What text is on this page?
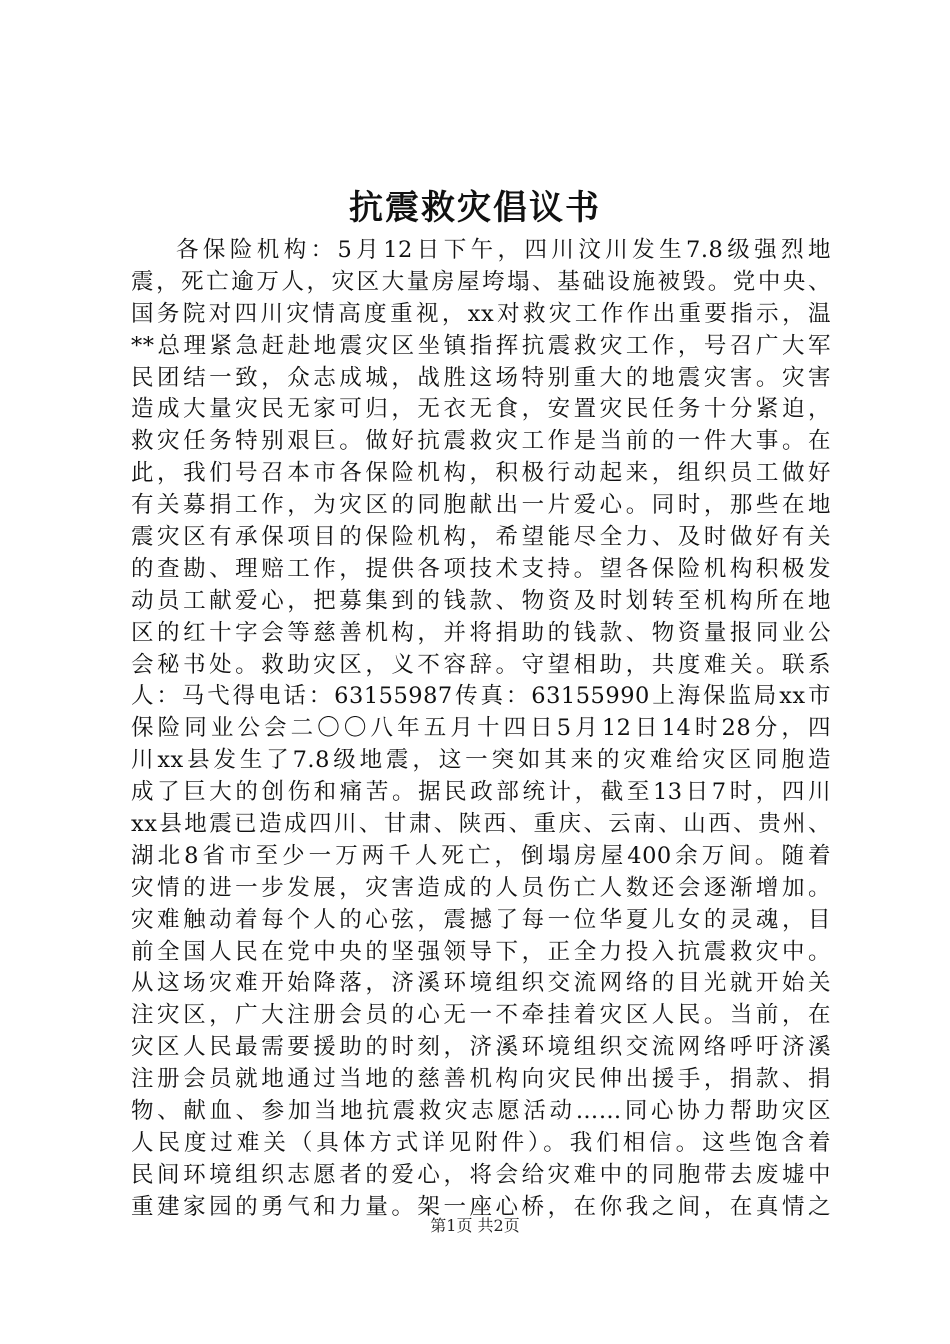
抗震救灾倡议书
各保险机构：5月12日下午，四川汶川发生7.8级强烈地
震，死亡逾万人，灾区大量房屋垮塌、基础设施被毁。党中央、
国务院对四川灾情高度重视，xx对救灾工作作出重要指示，温
**总理紧急赶赴地震灾区坐镇指挥抗震救灾工作，号召广大军
民团结一致，众志成城，战胜这场特别重大的地震灾害。灾害
造成大量灾民无家可归，无衣无食，安置灾民任务十分紧迫，
救灾任务特别艰巨。做好抗震救灾工作是当前的一件大事。在
此，我们号召本市各保险机构，积极行动起来，组织员工做好
有关募捐工作，为灾区的同胞献出一片爱心。同时，那些在地
震灾区有承保项目的保险机构，希望能尽全力、及时做好有关
的查勘、理赔工作，提供各项技术支持。望各保险机构积极发
动员工献爱心，把募集到的钱款、物资及时划转至机构所在地
区的红十字会等慈善机构，并将捐助的钱款、物资量报同业公
会秘书处。救助灾区，义不容辞。守望相助，共度难关。联系
人：马弋得电话：63155987传真：63155990上海保监局xx市
保险同业公会二〇〇八年五月十四日5月12日14时28分，四
川xx县发生了7.8级地震，这一突如其来的灾难给灾区同胞造
成了巨大的创伤和痛苦。据民政部统计，截至13日7时，四川
xx县地震已造成四川、甘肃、陕西、重庆、云南、山西、贵州、
湖北8省市至少一万两千人死亡，倒塌房屋400余万间。随着
灾情的进一步发展，灾害造成的人员伤亡人数还会逐渐增加。
灾难触动着每个人的心弦，震撼了每一位华夏儿女的灵魂，目
前全国人民在党中央的坚强领导下，正全力投入抗震救灾中。
从这场灾难开始降落，济溪环境组织交流网络的目光就开始关
注灾区，广大注册会员的心无一不牵挂着灾区人民。当前，在
灾区人民最需要援助的时刻，济溪环境组织交流网络呼吁济溪
注册会员就地通过当地的慈善机构向灾民伸出援手，捐款、捐
物、献血、参加当地抗震救灾志愿活动……同心协力帮助灾区
人民度过难关（具体方式详见附件）。我们相信。这些饱含着
民间环境组织志愿者的爱心，将会给灾难中的同胞带去废墟中
重建家园的勇气和力量。架一座心桥，在你我之间，在真情之
第1页 共2页
